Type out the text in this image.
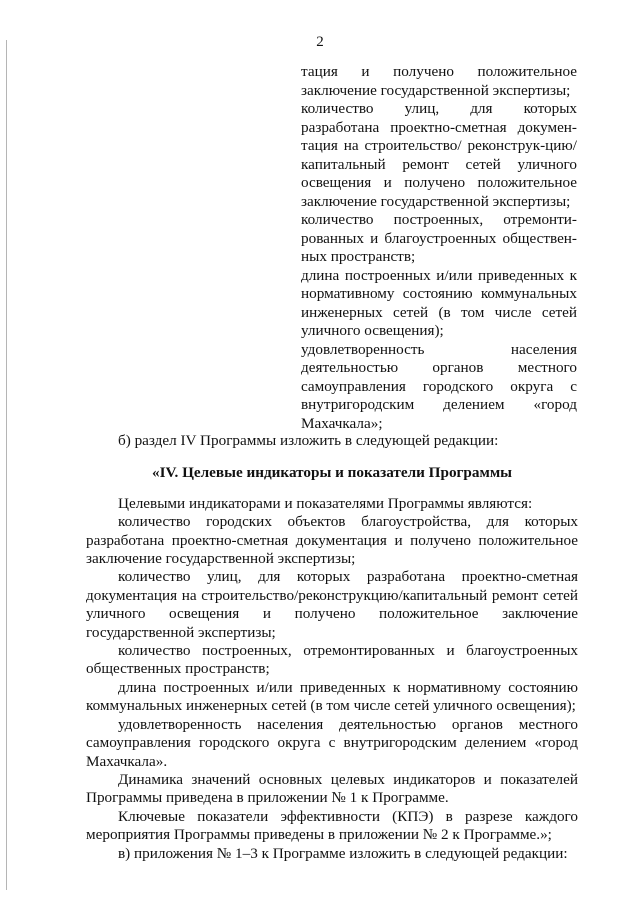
2

тация и получено положительное заключение государственной экспертизы;

количество улиц, для которых разработана проектно-сметная докумен-тация на строительство/ реконструк-цию/капитальный ремонт сетей уличного освещения и получено положительное заключение государственной экспертизы;

количество построенных, отремонти-рованных и благоустроенных обществен-ных пространств;

длина построенных и/или приведенных к нормативному состоянию коммунальных инженерных сетей (в том числе сетей уличного освещения);

удовлетворенность населения деятельностью органов местного самоуправления городского округа с внутригородским делением «город Махачкала»;

б) раздел IV Программы изложить в следующей редакции:

«IV. Целевые индикаторы и показатели Программы

Целевыми индикаторами и показателями Программы являются:

количество городских объектов благоустройства, для которых разработана проектно-сметная документация и получено положительное заключение государственной экспертизы;

количество улиц, для которых разработана проектно-сметная документация на строительство/реконструкцию/капитальный ремонт сетей уличного освещения и получено положительное заключение государственной экспертизы;

количество построенных, отремонтированных и благоустроенных общественных пространств;

длина построенных и/или приведенных к нормативному состоянию коммунальных инженерных сетей (в том числе сетей уличного освещения);

удовлетворенность населения деятельностью органов местного самоуправления городского округа с внутригородским делением «город Махачкала».

Динамика значений основных целевых индикаторов и показателей Программы приведена в приложении № 1 к Программе.

Ключевые показатели эффективности (КПЭ) в разрезе каждого мероприятия Программы приведены в приложении № 2 к Программе.»;

в) приложения № 1–3 к Программе изложить в следующей редакции:
